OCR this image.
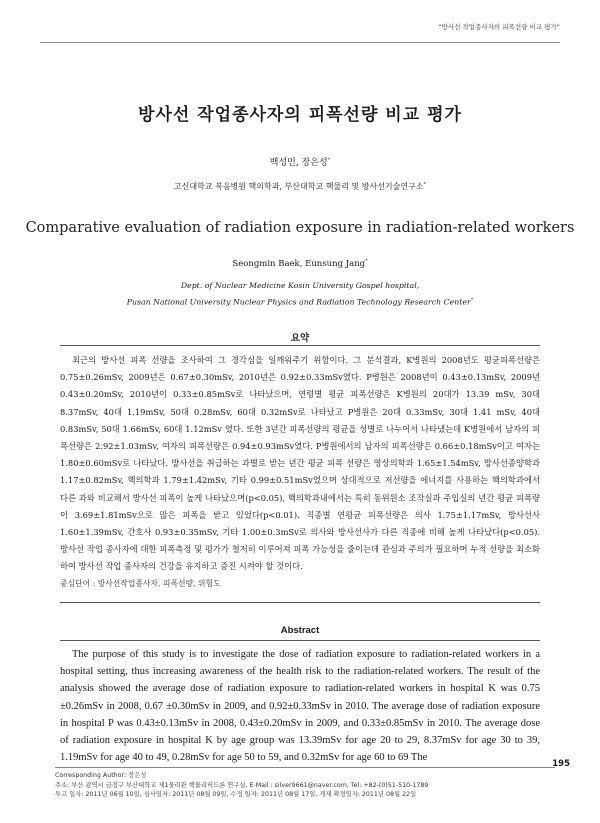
“방사선 작업종사자의 피폭선량 비교 평가”
방사선 작업종사자의 피폭선량 비교 평가
백성민, 장은성*
고신대학교 복음병원 핵의학과, 부산대학교 핵물리 및 방사선기술연구소*
Comparative evaluation of radiation exposure in radiation-related workers
Seongmin Baek, Eunsung Jang*
Dept. of Nuclear Medicine Kosin University Gospel hospital,
Pusan National University Nuclear Physics and Radiation Technology Research Center*
요약

최근의 방사선 피폭 선량을 조사하여 그 경각심을 일깨워주기 위함이다. 그 분석결과, K병원의 2008년도 평균피폭선량은 0.75±0.26mSv, 2009년은 0.67±0.30mSv, 2010년은 0.92±0.33mSv였다. P병원은 2008년이 0.43±0.13mSv, 2009년 0.43±0.20mSv, 2010년이 0.33±0.85mSv로 나타났으며, 연령별 평균 피폭선량은 K병원의 20대가 13.39 mSv, 30대 8.37mSv, 40대 1.19mSv, 50대 0.28mSv, 60대 0.32mSv로 나타났고 P병원은 20대 0.33mSv, 30대 1.41 mSv, 40대 0.83mSv, 50대 1.66mSv, 60대 1.12mSv 였다. 또한 3년간 피폭선량의 평균을 성별로 나누어서 나타냈는데 K병원에서 남자의 피폭선량은 2.92±1.03mSv, 여자의 피폭선량은 0.94±0.93mSv였다. P병원에서의 남자의 피폭선량은 0.66±0.18mSv이고 여자는 1.80±0.60mSv로 나타났다. 방사선을 취급하는 과별로 받는 년간 평균 피폭 선량은 영상의학과 1.65±1.54mSv, 방사선종양학과 1.17±0.82mSv, 핵의학과 1.79±1.42mSv, 기타 0.99±0.51mSv였으며 상대적으로 저선량을 에너지를 사용하는 핵의학과에서 다른 과와 비교해서 방사선 피폭이 높게 나타났으며(p<0.05), 핵의학과내에서는 특히 동위원소 조작실과 주입실의 년간 평균 피폭량이 3.69±1.81mSv으로 많은 피폭을 받고 있었다(p<0.01). 직종별 연평균 피폭선량은 의사 1.75±1.17mSv, 방사선사 1.60±1.39mSv, 간호사 0.93±0.35mSv, 기타 1.00±0.3mSv로 의사와 방사선사가 다른 직종에 비해 높게 나타났다(p<0.05). 방사선 작업 종사자에 대한 피폭측정 및 평가가 철저히 이루어져 피폭 가능성을 줄이는데 관심과 주의가 필요하며 누적 선량을 최소화하여 방사선 작업 종사자의 건강을 유지하고 증진 시켜야 할 것이다.

중심단어 : 방사선작업종사자, 피폭선량, 위험도
Abstract

The purpose of this study is to investigate the dose of radiation exposure to radiation-related workers in a hospital setting, thus increasing awareness of the health risk to the radiation-related workers. The result of the analysis showed the average dose of radiation exposure to radiation-related workers in hospital K was 0.75 ±0.26mSv in 2008, 0.67 ±0.30mSv in 2009, and 0.92±0.33mSv in 2010. The average dose of radiation exposure in hospital P was 0.43±0.13mSv in 2008, 0.43±0.20mSv in 2009, and 0.33±0.85mSv in 2010. The average dose of radiation exposure in hospital K by age group was 13.39mSv for age 20 to 29, 8.37mSv for age 30 to 39, 1.19mSv for age 40 to 49, 0.28mSv for age 50 to 59, and 0.32mSv for age 60 to 69 The

195
Corresponding Author: 장은성
주소: 부산 광역시 금정구 부산대학교 제1물리관 핵물리허드론 연구실, E-Mail : silver9661@naver.com, Tel: +82-(0)51-510-1789
투고 일자: 2011년 06월 10일, 심사일자: 2011년 08월 09일, 수정 일자: 2011년 08월 17일, 게재 확정일자: 2011년 08월 22일
